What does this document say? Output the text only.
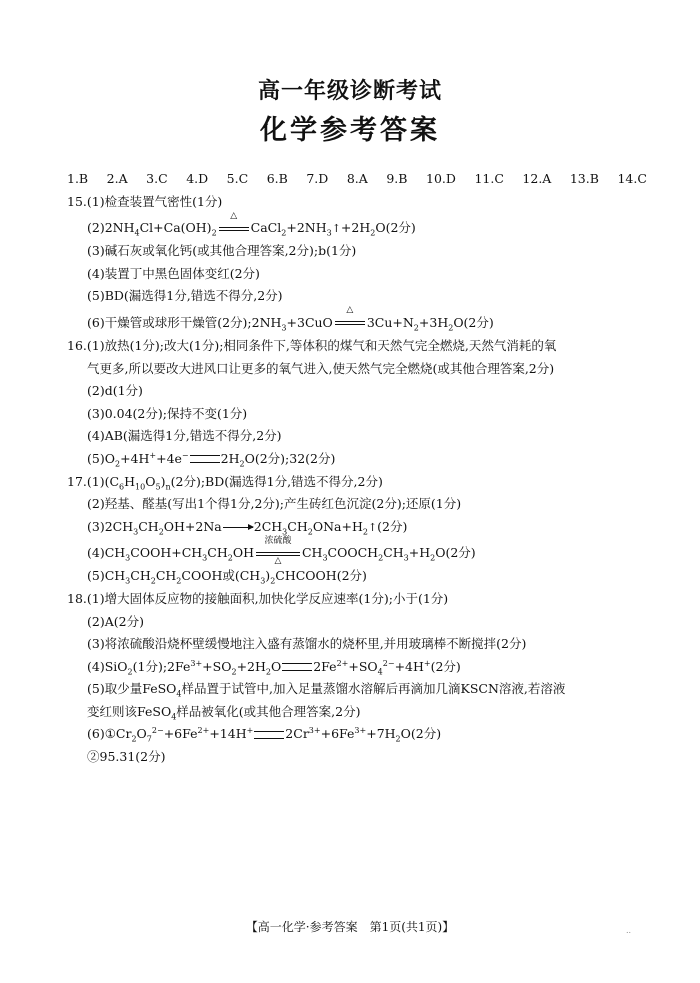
高一年级诊断考试
化学参考答案
1.B 2.A 3.C 4.D 5.C 6.B 7.D 8.A 9.B 10.D 11.C 12.A 13.B 14.C
15.(1)检查装置气密性(1分)
$(2)2NH_4Cl+Ca(OH)_2$
△
$CaCl_2+2NH_3↑+2H_2O(2$分)
(3)碱石灰或氧化钙(或其他合理答案,2分);b(1分)
(4)装置丁中黑色固体变红(2分)
(5)BD(漏选得1分,错选不得分,2分)
(6)干燥管或球形干燥管(2分)$;2NH_3+3CuO$
△
$3Cu+N_2+3H_2O(2$分)
16.(1)放热(1分);改大(1分);相同条件下,等体积的煤气和天然气完全燃烧,天然气消耗的氧
气更多,所以要改大进风口让更多的氧气进入,使天然气完全燃烧(或其他合理答案,2分)
(2)d(1分)
(3)0.04(2分);保持不变(1分)
(4)AB(漏选得1分,错选不得分,2分)
$(5)O_2+4H^++4e^-$	$2H_2O(2$分);32(2分)
$17.(1)(C_6H_{10}O_5)_n(2$分);BD(漏选得1分,错选不得分,2分)
(2)羟基、醛基(写出1个得1分,2分);产生砖红色沉淀(2分);还原(1分)
$(3)2CH_3CH_2OH+2Na\to 2CH_3CH_2ONa+H_2↑(2$分)
$(4)CH_3COOH+CH_3CH_2OH$
浓硫酸
△
$CH_3COOCH_2CH_3+H_2O(2$分)
$(5)CH_3CH_2CH_2COOH$或$(CH_3)_2CHCOOH(2$分)
18.(1)增大固体反应物的接触面积,加快化学反应速率(1分);小于(1分)
(2)A(2分)
(3)将浓硫酸沿烧杯壁缓慢地注入盛有蒸馏水的烧杯里,并用玻璃棒不断搅拌(2分)
(4)SiO$_2$(1分)$;2Fe^{3+}+SO_2+2H_2O$	$2Fe^{2+}+SO_4^{2-}+4H^+(2$分)
(5)取少量FeSO$_4$样品置于试管中,加入足量蒸馏水溶解后再滴加几滴KSCN溶液,若溶液
变红则该FeSO$_4$样品被氧化(或其他合理答案,2分)
$(6)①Cr_2O_7^{2-}+6Fe^{2+}+14H^+$	$2Cr^{3+}+6Fe^{3+}+7H_2O(2$分)
②95.31(2分)
【高一化学·参考答案　第1页(共1页)】	..
